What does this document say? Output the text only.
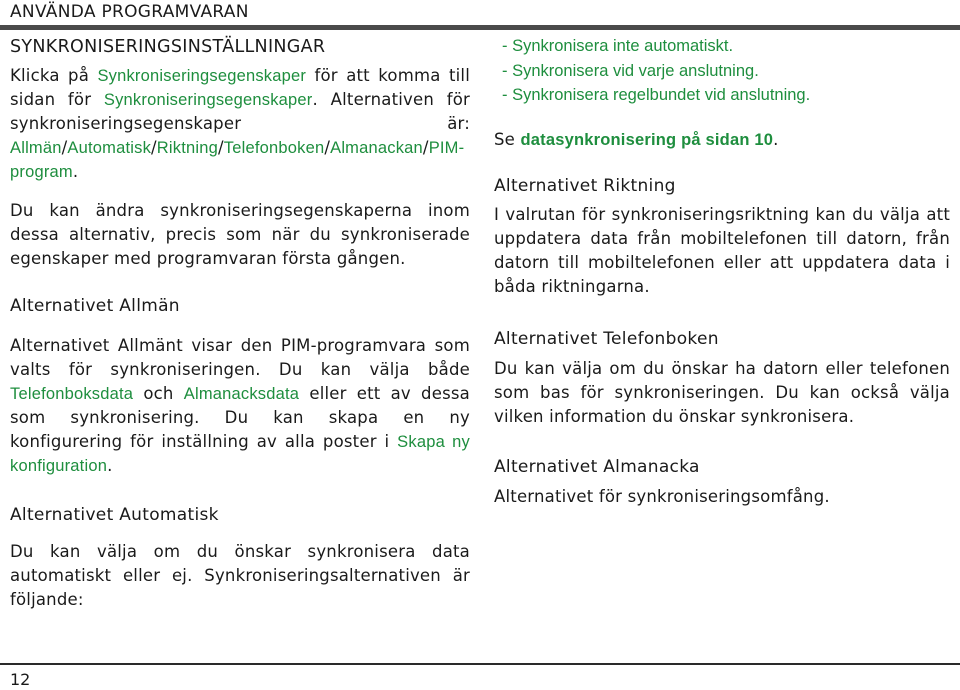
ANVÄNDA PROGRAMVARAN
SYNKRONISERINGSINSTÄLLNINGAR

Klicka på Synkroniseringsegenskaper för att komma till sidan för Synkroniseringsegenskaper. Alternativen för synkroniseringsegenskaper är: Allmän/Automatisk/Riktning/Telefonboken/Almanackan/PIM-program.

Du kan ändra synkroniseringsegenskaperna inom dessa alternativ, precis som när du synkroniserade egenskaper med programvaran första gången.

Alternativet Allmän

Alternativet Allmänt visar den PIM-programvara som valts för synkroniseringen. Du kan välja både Telefonboksdata och Almanacksdata eller ett av dessa som synkronisering. Du kan skapa en ny konfigurering för inställning av alla poster i Skapa ny konfiguration.

Alternativet Automatisk

Du kan välja om du önskar synkronisera data automatiskt eller ej. Synkroniseringsalternativen är följande:

- Synkronisera inte automatiskt.
- Synkronisera vid varje anslutning.
- Synkronisera regelbundet vid anslutning.

Se datasynkronisering på sidan 10.

Alternativet Riktning

I valrutan för synkroniseringsriktning kan du välja att uppdatera data från mobiltelefonen till datorn, från datorn till mobiltelefonen eller att uppdatera data i båda riktningarna.

Alternativet Telefonboken

Du kan välja om du önskar ha datorn eller telefonen som bas för synkroniseringen. Du kan också välja vilken information du önskar synkronisera.

Alternativet Almanacka

Alternativet för synkroniseringsomfång.

12
